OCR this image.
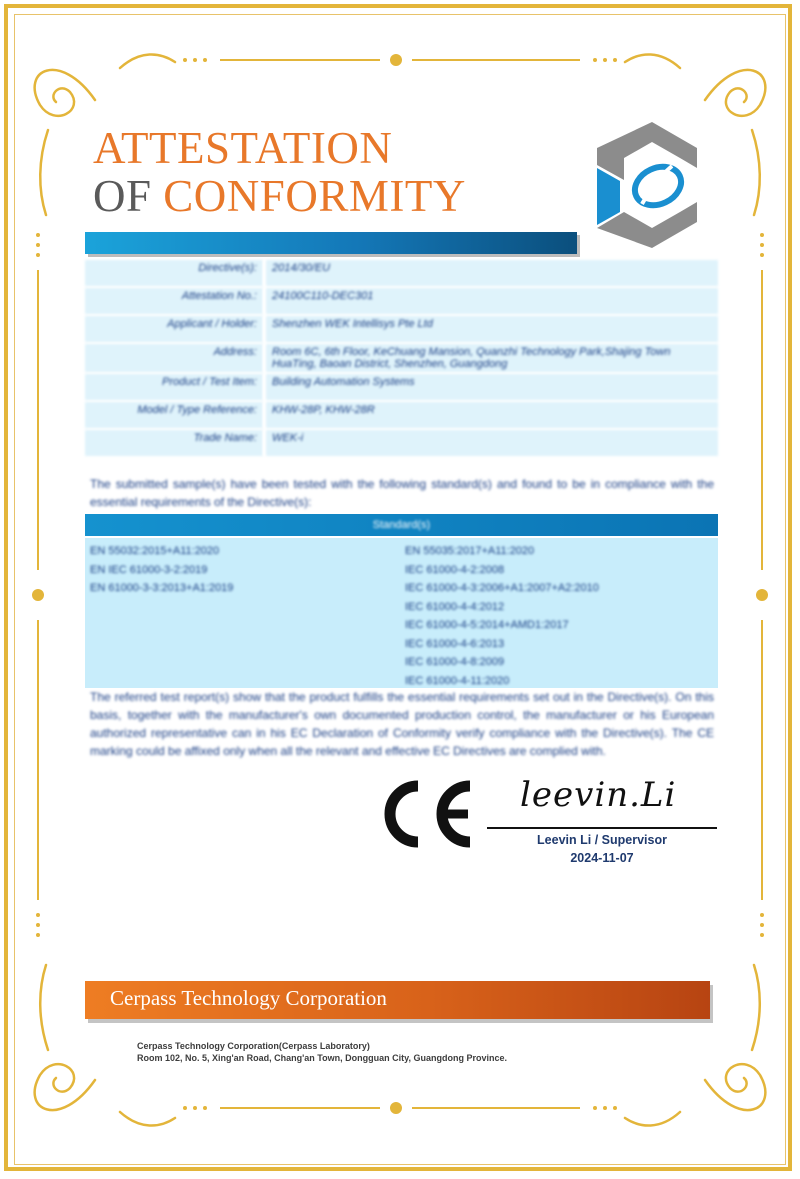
ATTESTATION
OF CONFORMITY
Directive(s):	2014/30/EU
Attestation No.:	24100C110-DEC301
Applicant / Holder:	Shenzhen WEK Intellisys Pte Ltd
Address:	Room 6C, 6th Floor, KeChuang Mansion, Quanzhi Technology Park,Shajing Town HuaTing, Baoan District, Shenzhen, Guangdong
Product / Test Item:	Building Automation Systems
Model / Type Reference:	KHW-28P, KHW-28R
Trade Name:	WEK-i
The submitted sample(s) have been tested with the following standard(s) and found to be in compliance with the essential requirements of the Directive(s):
Standard(s)
EN 55032:2015+A11:2020
EN IEC 61000-3-2:2019
EN 61000-3-3:2013+A1:2019
EN 55035:2017+A11:2020
IEC 61000-4-2:2008
IEC 61000-4-3:2006+A1:2007+A2:2010
IEC 61000-4-4:2012
IEC 61000-4-5:2014+AMD1:2017
IEC 61000-4-6:2013
IEC 61000-4-8:2009
IEC 61000-4-11:2020
The referred test report(s) show that the product fulfills the essential requirements set out in the Directive(s). On this basis, together with the manufacturer's own documented production control, the manufacturer or his European authorized representative can in his EC Declaration of Conformity verify compliance with the Directive(s). The CE marking could be affixed only when all the relevant and effective EC Directives are complied with.
leevin.Li
Leevin Li / Supervisor
2024-11-07
Cerpass Technology Corporation
Cerpass Technology Corporation(Cerpass Laboratory)
Room 102, No. 5, Xing'an Road, Chang'an Town, Dongguan City, Guangdong Province.
